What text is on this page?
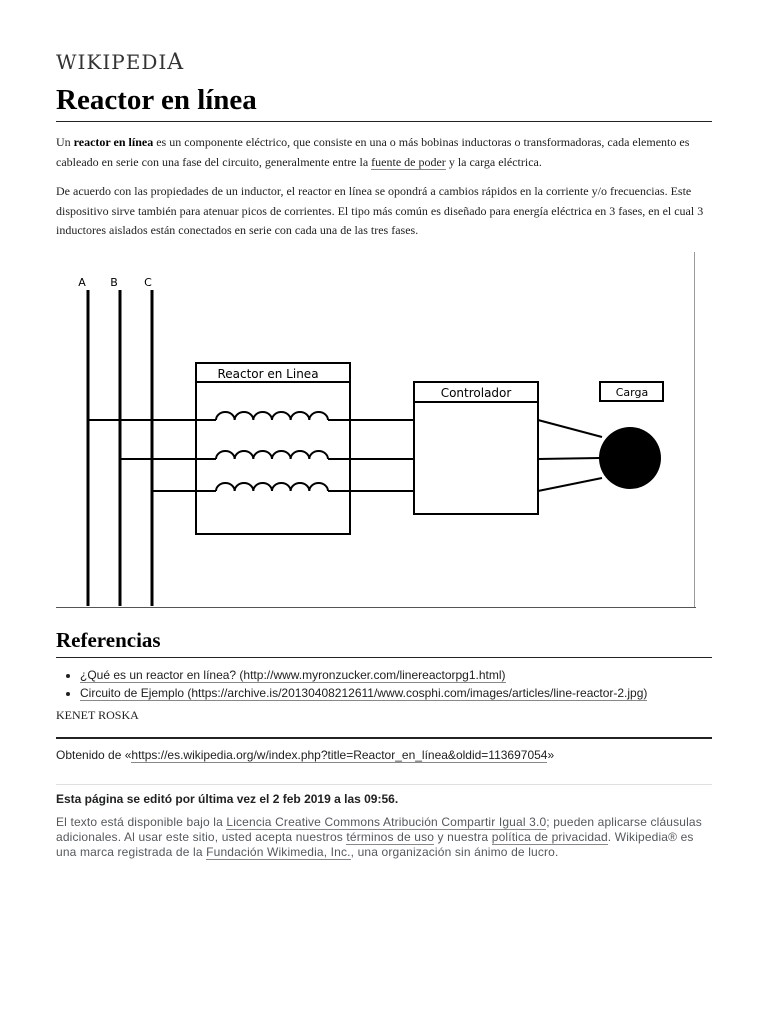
WIKIPEDIA
Reactor en línea

Un reactor en línea es un componente eléctrico, que consiste en una o más bobinas inductoras o transformadoras, cada elemento es cableado en serie con una fase del circuito, generalmente entre la fuente de poder y la carga eléctrica.

De acuerdo con las propiedades de un inductor, el reactor en línea se opondrá a cambios rápidos en la corriente y/o frecuencias. Este dispositivo sirve también para atenuar picos de corrientes. El tipo más común es diseñado para energía eléctrica en 3 fases, en el cual 3 inductores aislados están conectados en serie con cada una de las tres fases.

A B C
Reactor en Linea
Controlador	Carga
Referencias
• ¿Qué es un reactor en línea? (http://www.myronzucker.com/linereactorpg1.html)
• Circuito de Ejemplo (https://archive.is/20130408212611/www.cosphi.com/images/articles/line-reactor-2.jpg)
KENET ROSKA
Obtenido de «https://es.wikipedia.org/w/index.php?title=Reactor_en_línea&oldid=113697054»
Esta página se editó por última vez el 2 feb 2019 a las 09:56.

El texto está disponible bajo la Licencia Creative Commons Atribución Compartir Igual 3.0; pueden aplicarse cláusulas adicionales. Al usar este sitio, usted acepta nuestros términos de uso y nuestra política de privacidad. Wikipedia® es una marca registrada de la Fundación Wikimedia, Inc., una organización sin ánimo de lucro.
